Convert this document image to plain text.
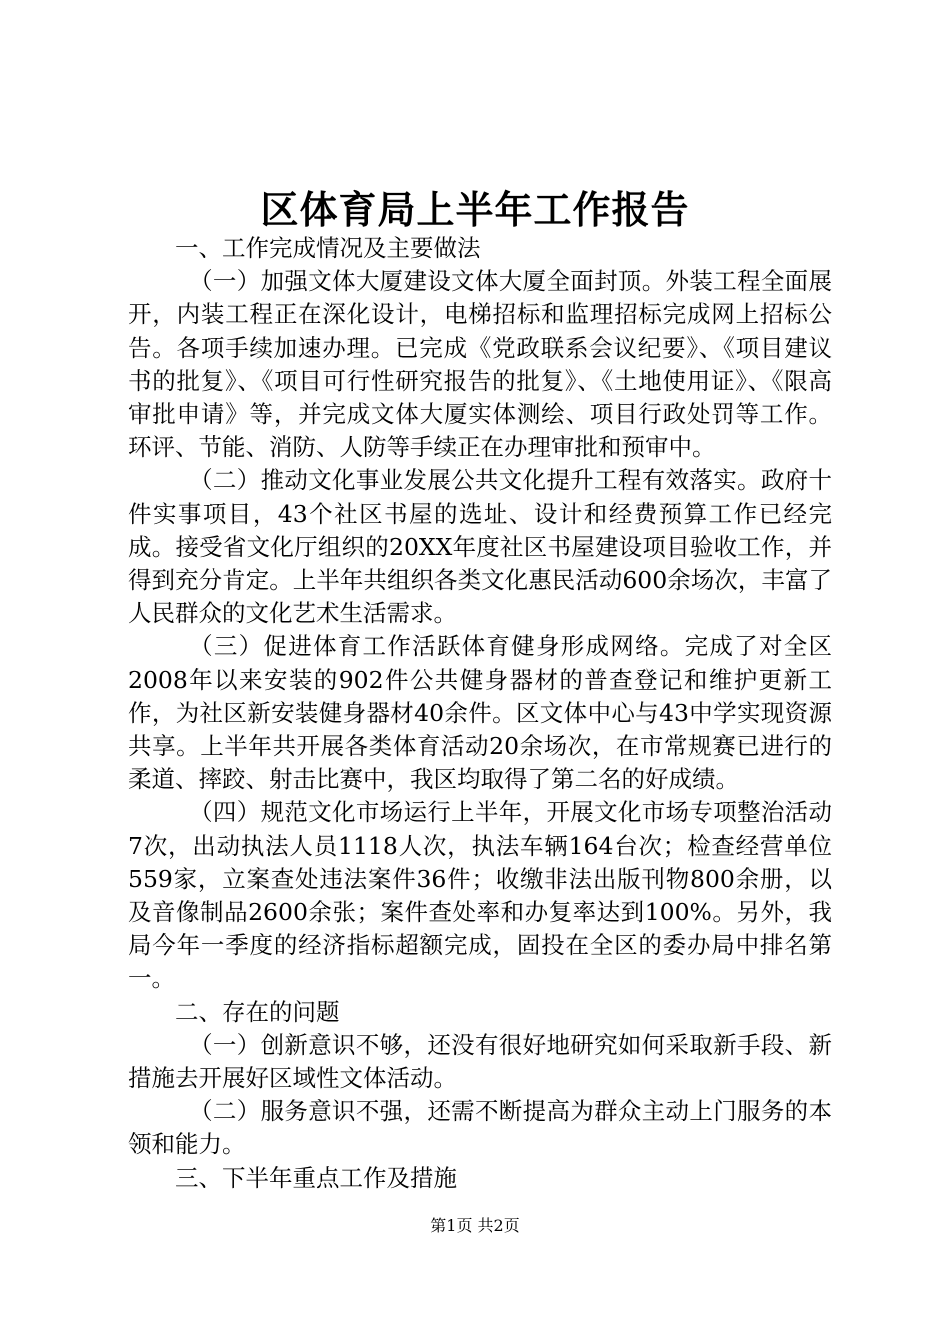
区体育局上半年工作报告

一、工作完成情况及主要做法

（一）加强文体大厦建设文体大厦全面封顶。外装工程全面展开，内装工程正在深化设计，电梯招标和监理招标完成网上招标公告。各项手续加速办理。已完成《党政联系会议纪要》、《项目建议书的批复》、《项目可行性研究报告的批复》、《土地使用证》、《限高审批申请》等，并完成文体大厦实体测绘、项目行政处罚等工作。环评、节能、消防、人防等手续正在办理审批和预审中。

（二）推动文化事业发展公共文化提升工程有效落实。政府十件实事项目，43个社区书屋的选址、设计和经费预算工作已经完成。接受省文化厅组织的20XX年度社区书屋建设项目验收工作，并得到充分肯定。上半年共组织各类文化惠民活动600余场次，丰富了人民群众的文化艺术生活需求。

（三）促进体育工作活跃体育健身形成网络。完成了对全区2008年以来安装的902件公共健身器材的普查登记和维护更新工作，为社区新安装健身器材40余件。区文体中心与43中学实现资源共享。上半年共开展各类体育活动20余场次，在市常规赛已进行的柔道、摔跤、射击比赛中，我区均取得了第二名的好成绩。

（四）规范文化市场运行上半年，开展文化市场专项整治活动7次，出动执法人员1118人次，执法车辆164台次；检查经营单位559家，立案查处违法案件36件；收缴非法出版刊物800余册，以及音像制品2600余张；案件查处率和办复率达到100%。另外，我局今年一季度的经济指标超额完成，固投在全区的委办局中排名第一。

二、存在的问题

（一）创新意识不够，还没有很好地研究如何采取新手段、新措施去开展好区域性文体活动。

（二）服务意识不强，还需不断提高为群众主动上门服务的本领和能力。

三、下半年重点工作及措施

第1页 共2页
